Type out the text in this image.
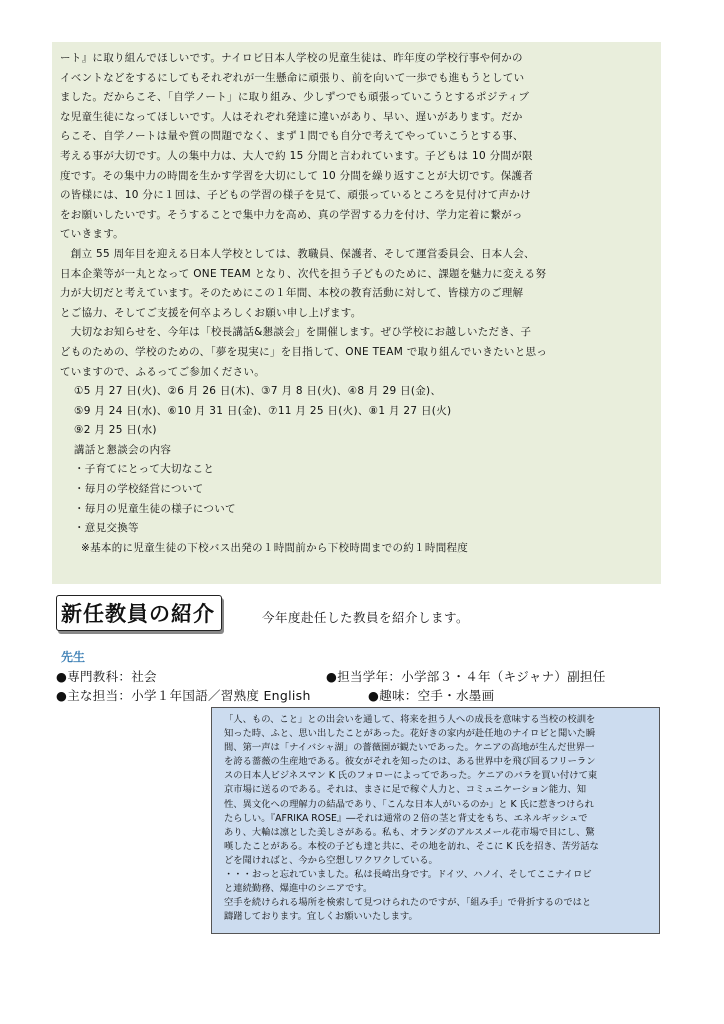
ート』に取り組んでほしいです。ナイロビ日本人学校の児童生徒は、昨年度の学校行事や何かの

イベントなどをするにしてもそれぞれが一生懸命に頑張り、前を向いて一歩でも進もうとしてい

ました。だからこそ、「自学ノート」に取り組み、少しずつでも頑張っていこうとするポジティブ

な児童生徒になってほしいです。人はそれぞれ発達に違いがあり、早い、遅いがあります。だか

らこそ、自学ノートは量や質の問題でなく、まず１問でも自分で考えてやっていこうとする事、

考える事が大切です。人の集中力は、大人で約 15 分間と言われています。子どもは 10 分間が限

度です。その集中力の時間を生かす学習を大切にして 10 分間を繰り返すことが大切です。保護者

の皆様には、10 分に１回は、子どもの学習の様子を見て、頑張っているところを見付けて声かけ

をお願いしたいです。そうすることで集中力を高め、真の学習する力を付け、学力定着に繋がっ

ていきます。

　創立 55 周年目を迎える日本人学校としては、教職員、保護者、そして運営委員会、日本人会、

日本企業等が一丸となって ONE TEAM となり、次代を担う子どものために、課題を魅力に変える努

力が大切だと考えています。そのためにこの１年間、本校の教育活動に対して、皆様方のご理解

とご協力、そしてご支援を何卒よろしくお願い申し上げます。

　大切なお知らせを、今年は「校長講話&懇談会」を開催します。ぜひ学校にお越しいただき、子

どものための、学校のための、「夢を現実に」を目指して、ONE TEAM で取り組んでいきたいと思っ

ていますので、ふるってご参加ください。

①5 月 27 日(火)、②6 月 26 日(木)、③7 月 8 日(火)、④8 月 29 日(金)、

⑤9 月 24 日(水)、⑥10 月 31 日(金)、⑦11 月 25 日(火)、⑧1 月 27 日(火)

⑨2 月 25 日(水)

講話と懇談会の内容

・子育てにとって大切なこと

・毎月の学校経営について

・毎月の児童生徒の様子について

・意見交換等

※基本的に児童生徒の下校バス出発の１時間前から下校時間までの約１時間程度

新任教員の紹介	今年度赴任した教員を紹介します。
先生
●専門教科：社会	●担当学年：小学部３・４年（キジャナ）副担任
●主な担当：小学１年国語／習熟度 English	●趣味：空手・水墨画

「人、もの、こと」との出会いを通して、将来を担う人への成長を意味する当校の校訓を

知った時、ふと、思い出したことがあった。花好きの家内が赴任地のナイロビと聞いた瞬

間、第一声は「ナイバシャ湖」の薔薇園が観たいであった。ケニアの高地が生んだ世界一

を誇る薔薇の生産地である。彼女がそれを知ったのは、ある世界中を飛び回るフリーラン

スの日本人ビジネスマン K 氏のフォローによってであった。ケニアのバラを買い付けて東

京市場に送るのである。それは、まさに足で稼ぐ人力と、コミュニケーション能力、知

性、異文化への理解力の結晶であり、「こんな日本人がいるのか」と K 氏に惹きつけられ

たらしい。『AFRIKA ROSE』―それは通常の２倍の茎と背丈をもち、エネルギッシュで

あり、大輪は凛とした美しさがある。私も、オランダのアルスメール花市場で目にし、驚

嘆したことがある。本校の子ども達と共に、その地を訪れ、そこに K 氏を招き、苦労話な

どを聞ければと、今から空想しワクワクしている。

・・・おっと忘れていました。私は長崎出身です。ドイツ、ハノイ、そしてここナイロビ

と連続勤務、爆進中のシニアです。

空手を続けられる場所を検索して見つけられたのですが、「組み手」で骨折するのではと

躊躇しております。宜しくお願いいたします。
